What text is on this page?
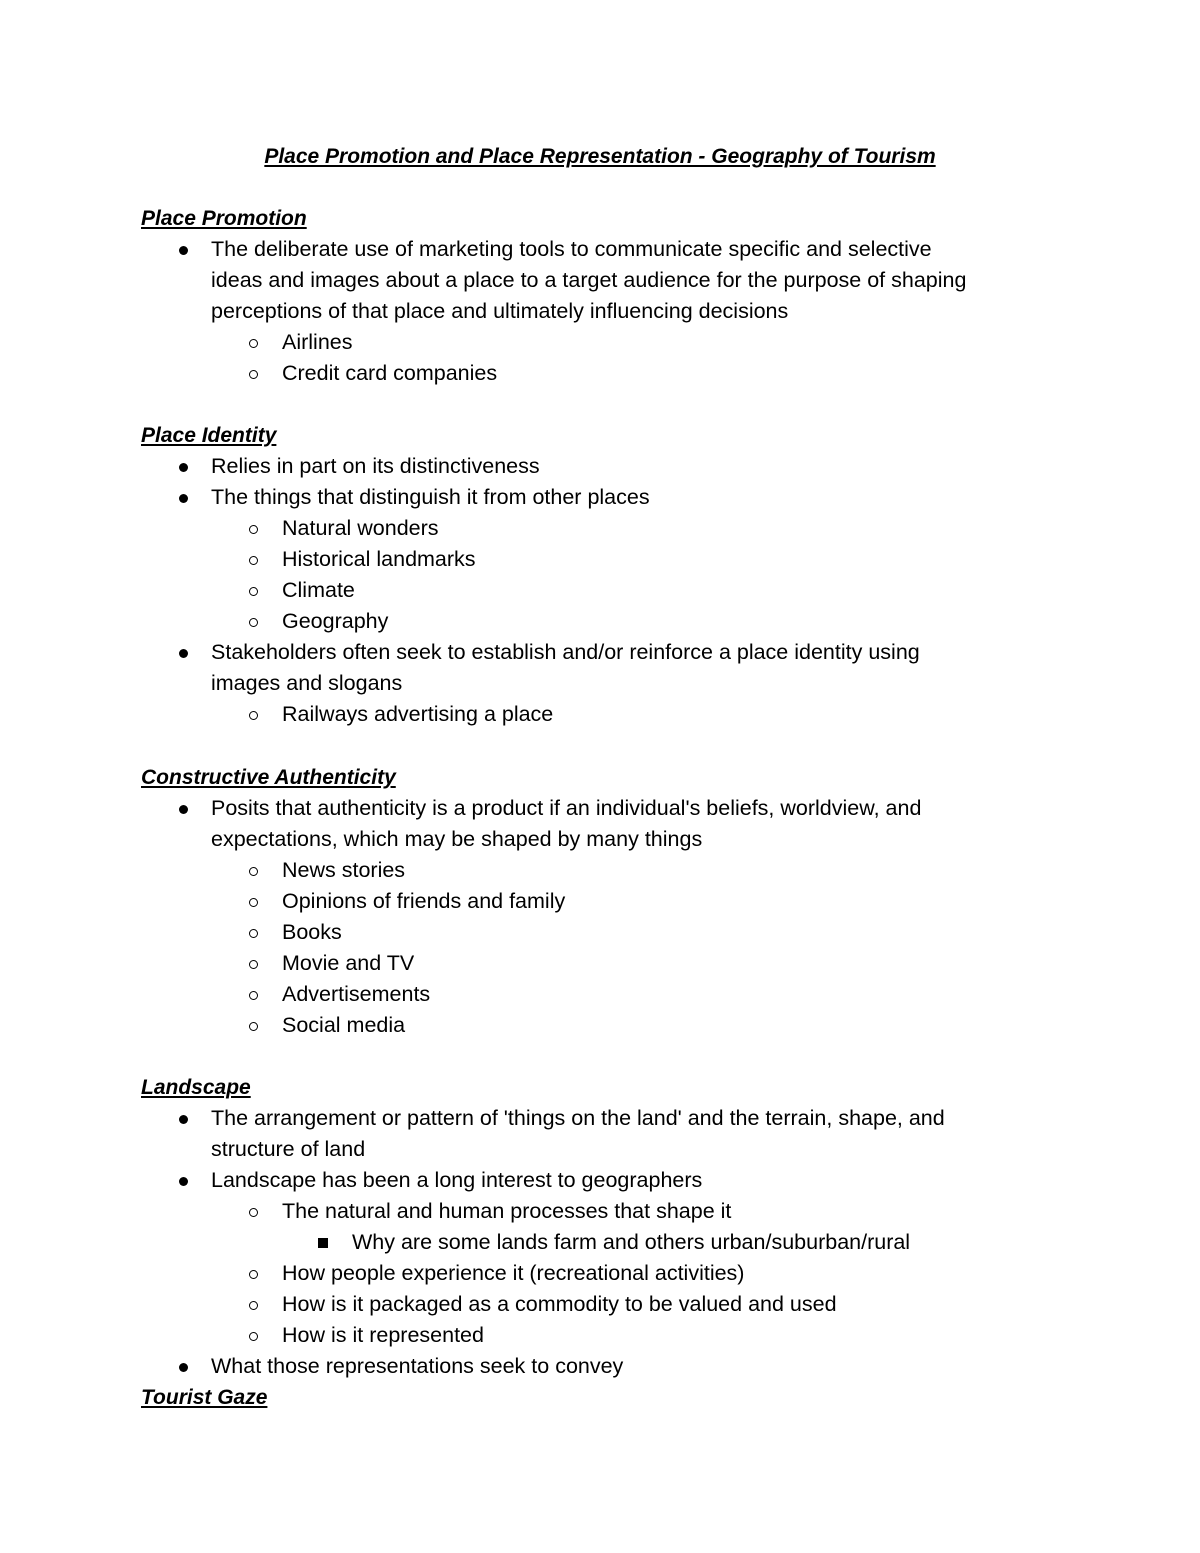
Place Promotion and Place Representation - Geography of Tourism
Place Promotion
The deliberate use of marketing tools to communicate specific and selective
ideas and images about a place to a target audience for the purpose of shaping
perceptions of that place and ultimately influencing decisions
Airlines
Credit card companies
Place Identity
Relies in part on its distinctiveness
The things that distinguish it from other places
Natural wonders
Historical landmarks
Climate
Geography
Stakeholders often seek to establish and/or reinforce a place identity using
images and slogans
Railways advertising a place
Constructive Authenticity
Posits that authenticity is a product if an individual's beliefs, worldview, and
expectations, which may be shaped by many things
News stories
Opinions of friends and family
Books
Movie and TV
Advertisements
Social media
Landscape
The arrangement or pattern of 'things on the land' and the terrain, shape, and
structure of land
Landscape has been a long interest to geographers
The natural and human processes that shape it
Why are some lands farm and others urban/suburban/rural
How people experience it (recreational activities)
How is it packaged as a commodity to be valued and used
How is it represented
What those representations seek to convey
Tourist Gaze
